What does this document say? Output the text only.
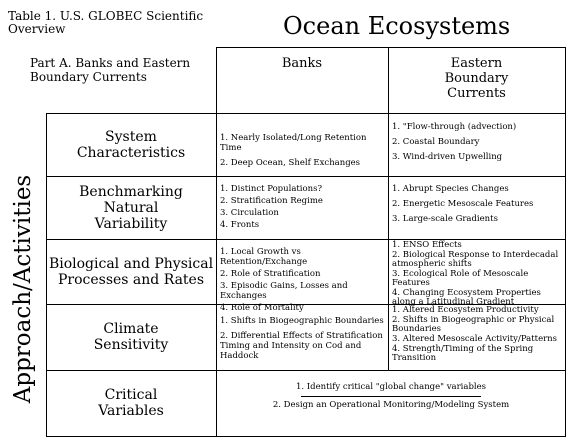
Table 1. U.S. GLOBEC Scientific
Overview	Ocean Ecosystems
Part A. Banks and Eastern
Boundary Currents
Approach/Activities
Banks	Eastern
Boundary
Currents
System
Characteristics
1. Nearly Isolated/Long Retention Time
2. Deep Ocean, Shelf Exchanges
1. "Flow-through (advection)
2. Coastal Boundary
3. Wind-driven Upwelling
Benchmarking
Natural
Variability
1. Distinct Populations?
2. Stratification Regime
3. Circulation
4. Fronts
1. Abrupt Species Changes
2. Energetic Mesoscale Features
3. Large-scale Gradients
Biological and Physical
Processes and Rates
1. Local Growth vs Retention/Exchange
2. Role of Stratification
3. Episodic Gains, Losses and Exchanges
4. Role of Mortality
1. ENSO Effects
2. Biological Response to Interdecadal atmospheric shifts
3. Ecological Role of Mesoscale Features
4. Changing Ecosystem Properties along a Latitudinal Gradient
Climate
Sensitivity
1. Shifts in Biogeographic Boundaries
2. Differential Effects of Stratification Timing and Intensity on Cod and Haddock
1. Altered Ecosystem Productivity
2. Shifts in Biogeographic or Physical Boundaries
3. Altered Mesoscale Activity/Patterns
4. Strength/Timing of the Spring Transition
Critical
Variables
1. Identify critical "global change" variables
2. Design an Operational Monitoring/Modeling System
